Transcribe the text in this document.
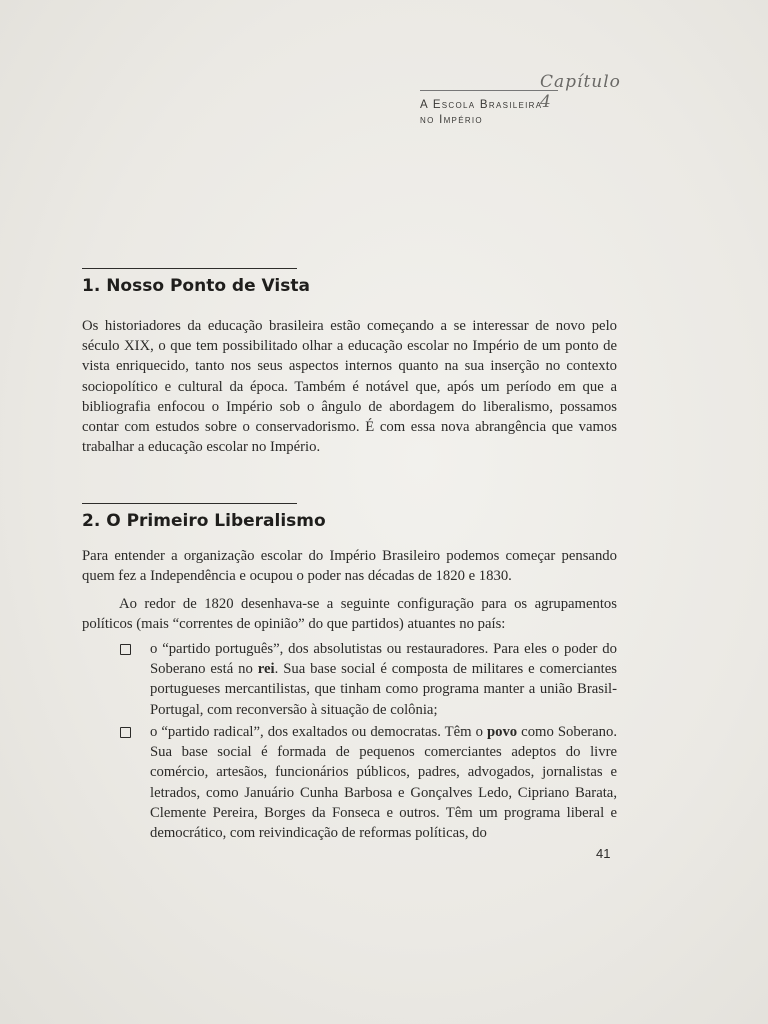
Capítulo 4
A Escola Brasileira
no Império
1. Nosso Ponto de Vista

Os historiadores da educação brasileira estão começando a se interessar de novo pelo século XIX, o que tem possibilitado olhar a educação escolar no Império de um ponto de vista enriquecido, tanto nos seus aspectos internos quanto na sua inserção no contexto sociopolítico e cultural da época. Também é notável que, após um período em que a bibliografia enfocou o Império sob o ângulo de abordagem do liberalismo, possamos contar com estudos sobre o conservadorismo. É com essa nova abrangência que vamos trabalhar a educação escolar no Império.

2. O Primeiro Liberalismo

Para entender a organização escolar do Império Brasileiro podemos começar pensando quem fez a Independência e ocupou o poder nas décadas de 1820 e 1830.

Ao redor de 1820 desenhava-se a seguinte configuração para os agrupamentos políticos (mais “correntes de opinião” do que partidos) atuantes no país:

o “partido português”, dos absolutistas ou restauradores. Para eles o poder do Soberano está no rei. Sua base social é composta de militares e comerciantes portugueses mercantilistas, que tinham como programa manter a união Brasil-Portugal, com reconversão à situação de colônia;

o “partido radical”, dos exaltados ou democratas. Têm o povo como Soberano. Sua base social é formada de pequenos comerciantes adeptos do livre comércio, artesãos, funcionários públicos, padres, advogados, jornalistas e letrados, como Januário Cunha Barbosa e Gonçalves Ledo, Cipriano Barata, Clemente Pereira, Borges da Fonseca e outros. Têm um programa liberal e democrático, com reivindicação de reformas políticas, do

41
